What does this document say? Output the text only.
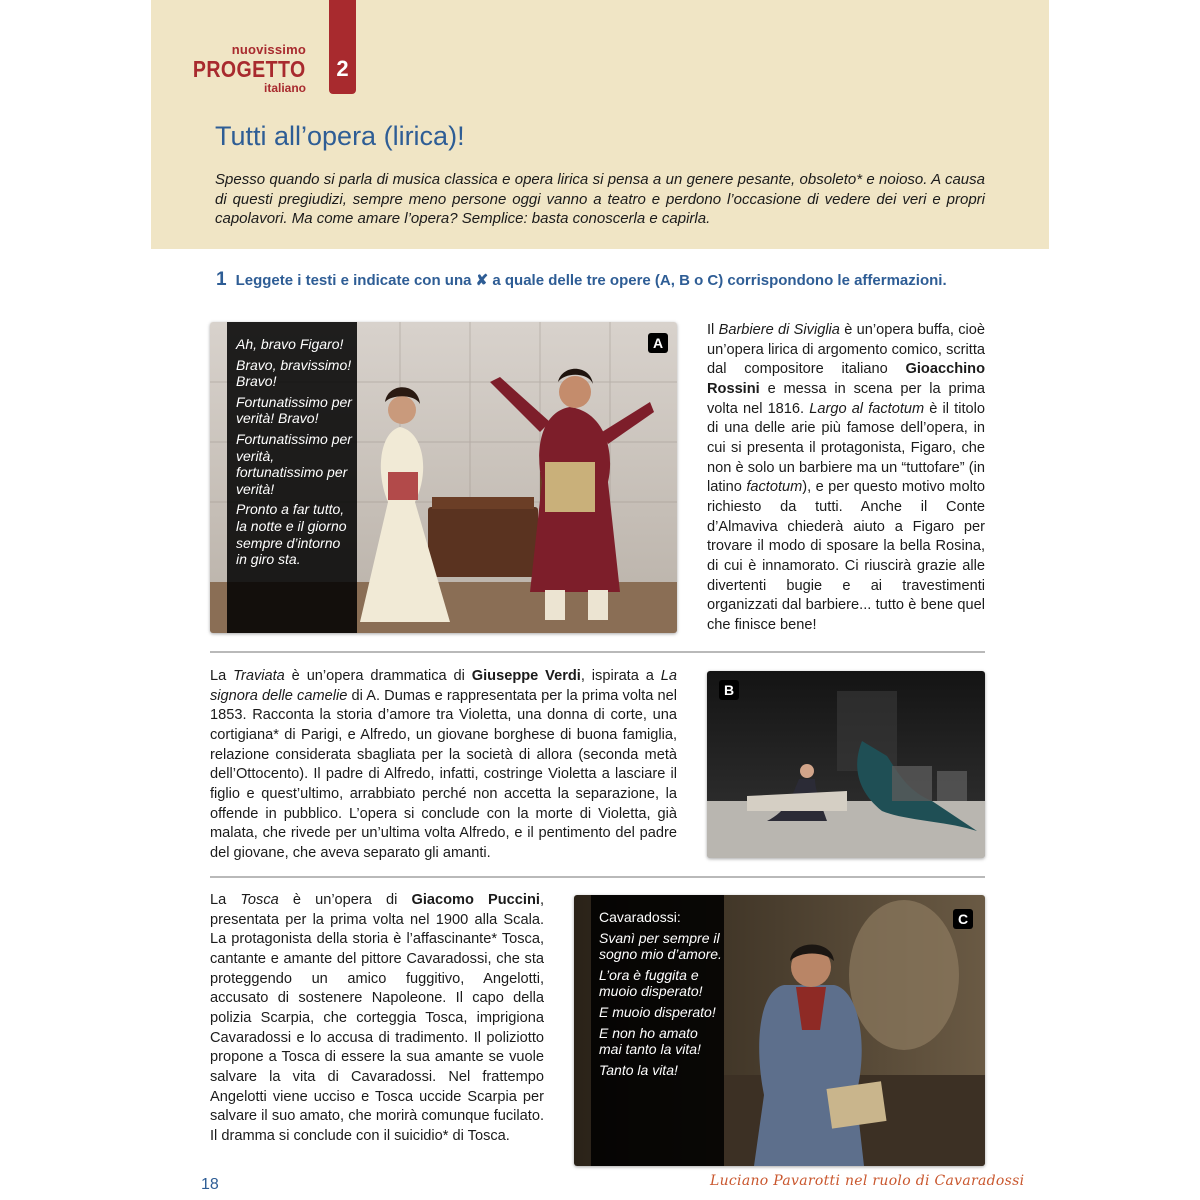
nuovissimo
PROGETTO
italiano
2
Tutti all’opera (lirica)!
Spesso quando si parla di musica classica e opera lirica si pensa a un genere pesante, obsoleto* e noioso. A causa di questi pregiudizi, sempre meno persone oggi vanno a teatro e perdono l’occasione di vedere dei veri e propri capolavori. Ma come amare l’opera? Semplice: basta conoscerla e capirla.
1 Leggete i testi e indicate con una ✘ a quale delle tre opere (A, B o C) corrispondono le affermazioni.

Ah, bravo Figaro!

Bravo, bravissimo! Bravo!

Fortunatissimo per verità! Bravo!

Fortunatissimo per verità, fortunatissimo per verità!

Pronto a far tutto, la notte e il giorno sempre d’intorno in giro sta.

A

Il Barbiere di Siviglia è un’opera buffa, cioè un’opera lirica di argomento comico, scritta dal compositore italiano Gioacchino Rossini e messa in scena per la prima volta nel 1816. Largo al factotum è il titolo di una delle arie più famose dell’opera, in cui si presenta il protagonista, Figaro, che non è solo un barbiere ma un “tuttofare” (in latino factotum), e per questo motivo molto richiesto da tutti. Anche il Conte d’Almaviva chiederà aiuto a Figaro per trovare il modo di sposare la bella Rosina, di cui è innamorato. Ci riuscirà grazie alle divertenti bugie e ai travestimenti organizzati dal barbiere... tutto è bene quel che finisce bene!

La Traviata è un’opera drammatica di Giuseppe Verdi, ispirata a La signora delle camelie di A. Dumas e rappresentata per la prima volta nel 1853. Racconta la storia d’amore tra Violetta, una donna di corte, una cortigiana* di Parigi, e Alfredo, un giovane borghese di buona famiglia, relazione considerata sbagliata per la società di allora (seconda metà dell’Ottocento). Il padre di Alfredo, infatti, costringe Violetta a lasciare il figlio e quest’ultimo, arrabbiato perché non accetta la separazione, la offende in pubblico. L’opera si conclude con la morte di Violetta, già malata, che rivede per un’ultima volta Alfredo, e il pentimento del padre del giovane, che aveva separato gli amanti.

B

La Tosca è un’opera di Giacomo Puccini, presentata per la prima volta nel 1900 alla Scala. La protagonista della storia è l’affascinante* Tosca, cantante e amante del pittore Cavaradossi, che sta proteggendo un amico fuggitivo, Angelotti, accusato di sostenere Napoleone. Il capo della polizia Scarpia, che corteggia Tosca, imprigiona Cavaradossi e lo accusa di tradimento. Il poliziotto propone a Tosca di essere la sua amante se vuole salvare la vita di Cavaradossi. Nel frattempo Angelotti viene ucciso e Tosca uccide Scarpia per salvare il suo amato, che morirà comunque fucilato. Il dramma si conclude con il suicidio* di Tosca.

Cavaradossi:

Svanì per sempre il sogno mio d’amore.

L’ora è fuggita e muoio disperato!

E muoio disperato!

E non ho amato mai tanto la vita!

Tanto la vita!

C
18	Luciano Pavarotti nel ruolo di Cavaradossi
